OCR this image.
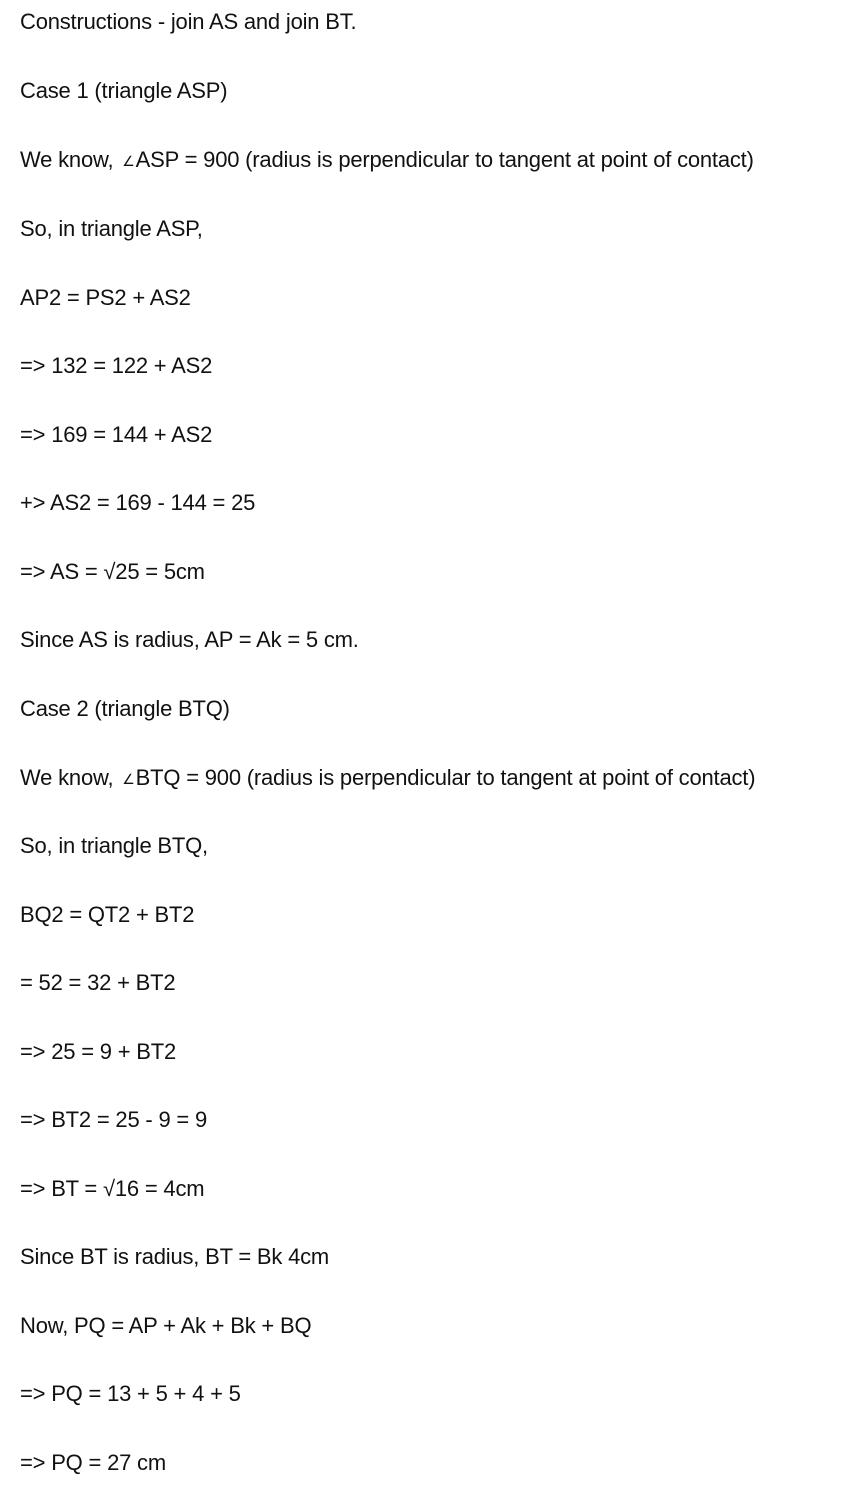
Constructions - join AS and join BT.
Case 1 (triangle ASP)
We know, ∠ASP = 900 (radius is perpendicular to tangent at point of contact)
So, in triangle ASP,
AP2 = PS2 + AS2
=> 132 = 122 + AS2
=> 169 = 144 + AS2
+> AS2 = 169 - 144 = 25
=> AS = √25 = 5cm
Since AS is radius, AP = Ak = 5 cm.
Case 2 (triangle BTQ)
We know, ∠BTQ = 900 (radius is perpendicular to tangent at point of contact)
So, in triangle BTQ,
BQ2 = QT2 + BT2
= 52 = 32 + BT2
=> 25 = 9 + BT2
=> BT2 = 25 - 9 = 9
=> BT = √16 = 4cm
Since BT is radius, BT = Bk 4cm
Now, PQ = AP + Ak + Bk + BQ
=> PQ = 13 + 5 + 4 + 5
=> PQ = 27 cm
